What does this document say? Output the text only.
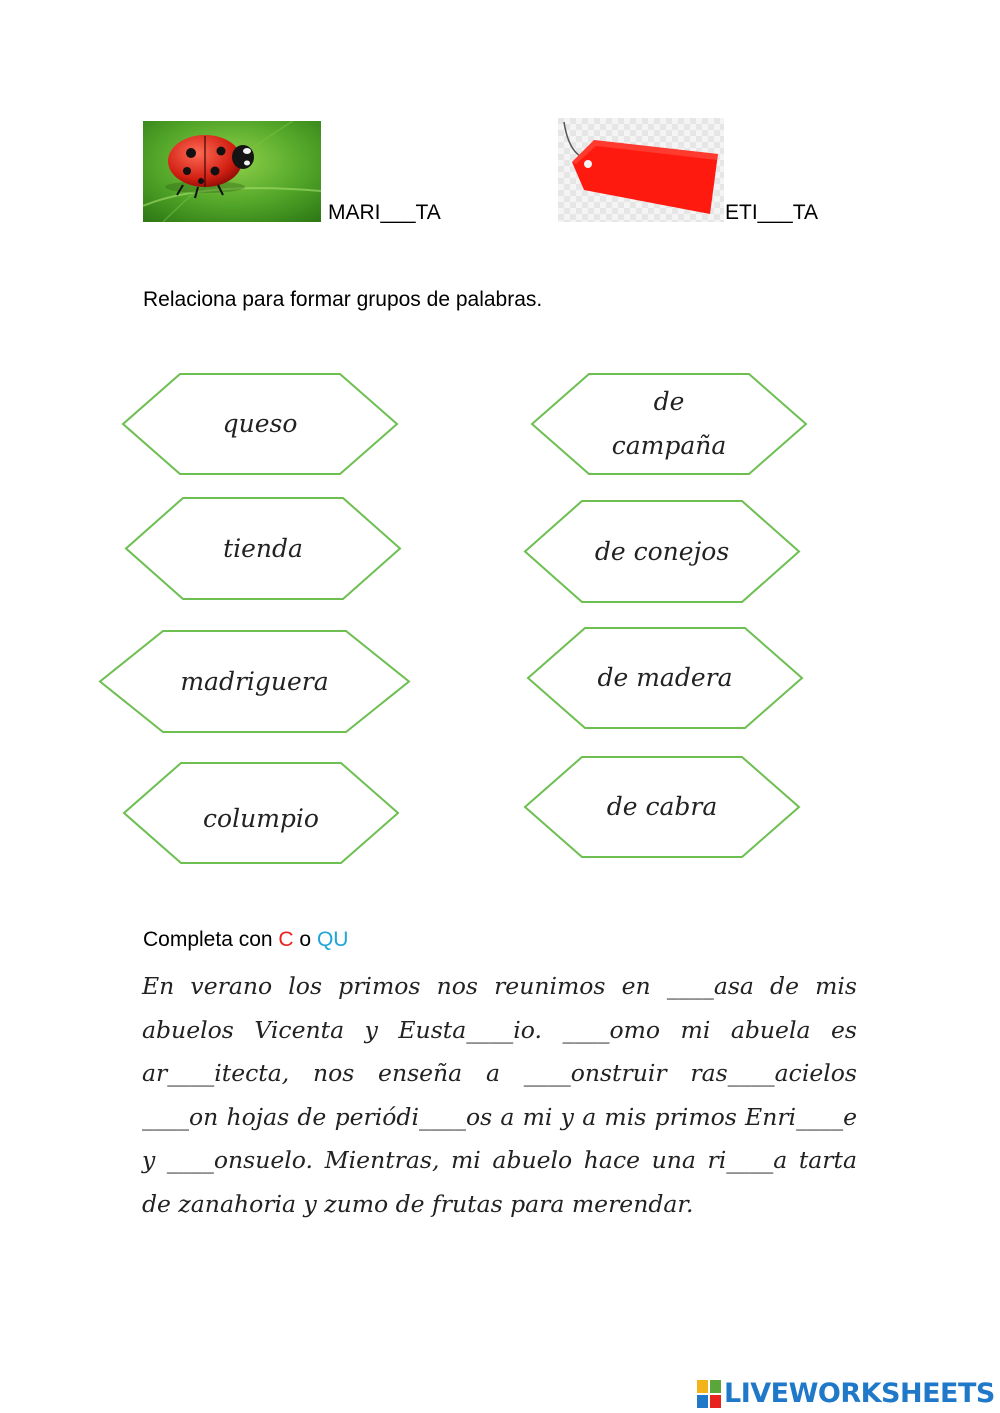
MARI___TA	ETI___TA
Relaciona para formar grupos de palabras.
queso
tienda
madriguera
columpio
de
campaña
de conejos
de madera
de cabra
Completa con C o QU
En verano los primos nos reunimos en ____asa de mis abuelos Vicenta y Eusta____io. ____omo mi abuela es ar____itecta, nos enseña a ____onstruir ras____acielos ____on hojas de periódi____os a mi y a mis primos Enri____e y ____onsuelo. Mientras, mi abuelo hace una ri____a tarta de zanahoria y zumo de frutas para merendar.
LIVEWORKSHEETS
